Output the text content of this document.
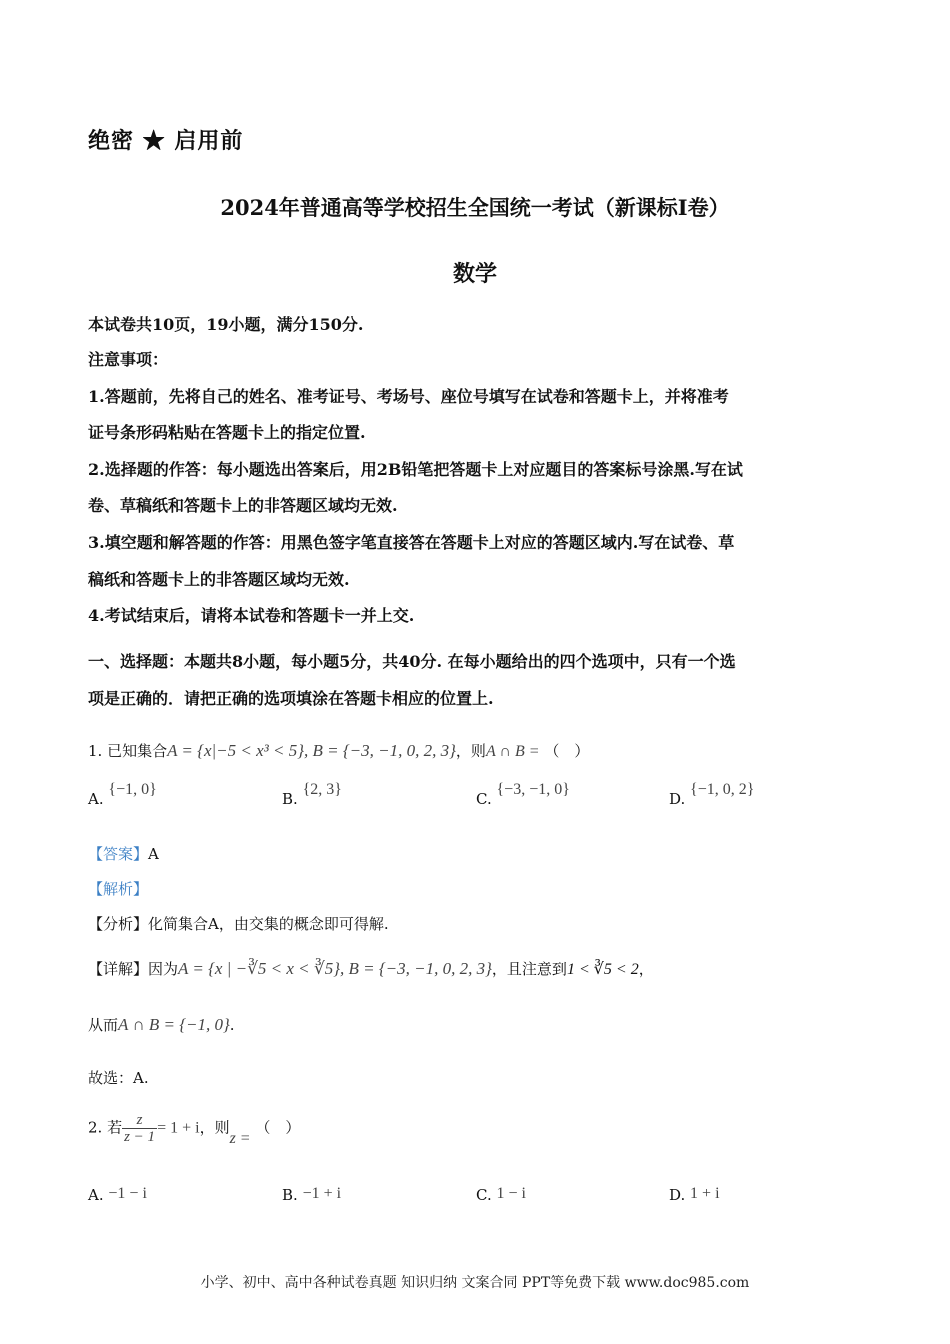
绝密 ★ 启用前
2024年普通高等学校招生全国统一考试（新课标I卷）
数学
本试卷共10页，19小题，满分150分.
注意事项：
1.答题前，先将自己的姓名、准考证号、考场号、座位号填写在试卷和答题卡上，并将准考
证号条形码粘贴在答题卡上的指定位置.
2.选择题的作答：每小题选出答案后，用2B铅笔把答题卡上对应题目的答案标号涂黑.写在试
卷、草稿纸和答题卡上的非答题区域均无效.
3.填空题和解答题的作答：用黑色签字笔直接答在答题卡上对应的答题区域内.写在试卷、草
稿纸和答题卡上的非答题区域均无效.
4.考试结束后，请将本试卷和答题卡一并上交.
一、选择题：本题共8小题，每小题5分，共40分. 在每小题给出的四个选项中，只有一个选
项是正确的．请把正确的选项填涂在答题卡相应的位置上.
1. 已知集合A = {x|−5 < x³ < 5}, B = {−3, −1, 0, 2, 3}，则A ∩ B = （　）
A. {−1, 0}
B. {2, 3}
C. {−3, −1, 0}
D. {−1, 0, 2}
【答案】A
【解析】
【分析】化简集合A，由交集的概念即可得解.
【详解】因为A = {x | −∛5 < x < ∛5}, B = {−3, −1, 0, 2, 3}，且注意到1 < ∛5 < 2，
从而A ∩ B = {−1, 0}.
故选：A.
2. 若 $\frac{z}{z - 1} = 1 + i$，则z = （　）
A. −1 − i	B. −1 + i	C. 1 − i	D. 1 + i
小学、初中、高中各种试卷真题 知识归纳 文案合同 PPT等免费下载 www.doc985.com
